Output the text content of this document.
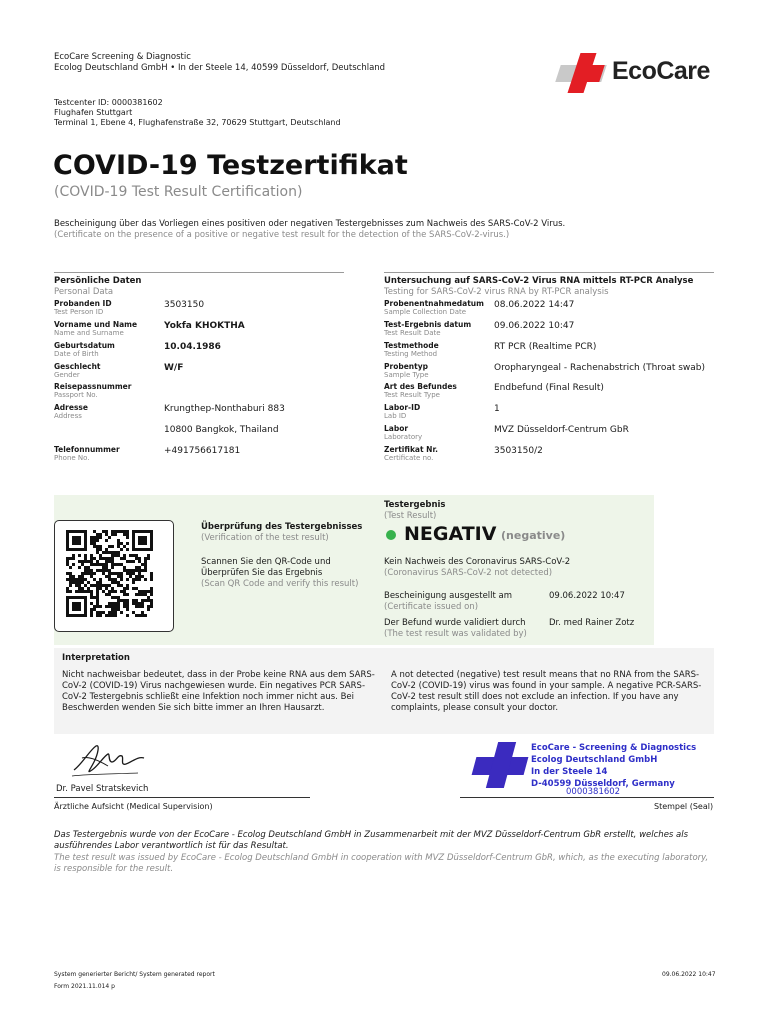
EcoCare Screening & Diagnostic
Ecolog Deutschland GmbH • In der Steele 14, 40599 Düsseldorf, Deutschland	EcoCare
Testcenter ID: 0000381602
Flughafen Stuttgart
Terminal 1, Ebene 4, Flughafenstraße 32, 70629 Stuttgart, Deutschland
COVID-19 Testzertifikat
(COVID-19 Test Result Certification)
Bescheinigung über das Vorliegen eines positiven oder negativen Testergebnisses zum Nachweis des SARS-CoV-2 Virus.
(Certificate on the presence of a positive or negative test result for the detection of the SARS-CoV-2-virus.)
Persönliche Daten
Personal Data
Probanden ID
Test Person ID
3503150
Vorname und Name
Name and Surname
Yokfa KHOKTHA
Geburtsdatum
Date of Birth
10.04.1986
Geschlecht
Gender
W/F
Reisepassnummer
Passport No.
Adresse
Address
Krungthep-Nonthaburi 883
10800 Bangkok, Thailand
Telefonnummer
Phone No.
+491756617181
Untersuchung auf SARS-CoV-2 Virus RNA mittels RT-PCR Analyse
Testing for SARS-CoV-2 virus RNA by RT-PCR analysis
Probenentnahmedatum
Sample Collection Date
08.06.2022 14:47
Test-Ergebnis datum
Test Result Date
09.06.2022 10:47
Testmethode
Testing Method
RT PCR (Realtime PCR)
Probentyp
Sample Type
Oropharyngeal - Rachenabstrich (Throat swab)
Art des Befundes
Test Result Type
Endbefund (Final Result)
Labor-ID
Lab ID
1
Labor
Laboratory
MVZ Düsseldorf-Centrum GbR
Zertifikat Nr.
Certificate no.
3503150/2
Überprüfung des Testergebnisses
(Verification of the test result)
Scannen Sie den QR-Code und
Überprüfen Sie das Ergebnis
(Scan QR Code and verify this result)
Testergebnis
(Test Result)
NEGATIV (negative)
Kein Nachweis des Coronavirus SARS-CoV-2
(Coronavirus SARS-CoV-2 not detected)
Bescheinigung ausgestellt am
(Certificate issued on)
09.06.2022 10:47
Der Befund wurde validiert durch
(The test result was validated by)
Dr. med Rainer Zotz
Interpretation
Nicht nachweisbar bedeutet, dass in der Probe keine RNA aus dem SARS-CoV-2 (COVID-19) Virus nachgewiesen wurde. Ein negatives PCR SARS-CoV-2 Testergebnis schließt eine Infektion noch immer nicht aus. Bei Beschwerden wenden Sie sich bitte immer an Ihren Hausarzt.
A not detected (negative) test result means that no RNA from the SARS-CoV-2 (COVID-19) virus was found in your sample. A negative PCR-SARS-CoV-2 test result still does not exclude an infection. If you have any complaints, please consult your doctor.
Dr. Pavel Stratskevich
Ärztliche Aufsicht (Medical Supervision)
EcoCare - Screening & Diagnostics
Ecolog Deutschland GmbH
In der Steele 14
D-40599 Düsseldorf, Germany
0000381602
Stempel (Seal)
Das Testergebnis wurde von der EcoCare - Ecolog Deutschland GmbH in Zusammenarbeit mit der MVZ Düsseldorf-Centrum GbR erstellt, welches als ausführendes Labor verantwortlich ist für das Resultat.
The test result was issued by EcoCare - Ecolog Deutschland GmbH in cooperation with MVZ Düsseldorf-Centrum GbR, which, as the executing laboratory, is responsible for the result.
System generierter Bericht/ System generated report
Form 2021.11.014 p
09.06.2022 10:47
